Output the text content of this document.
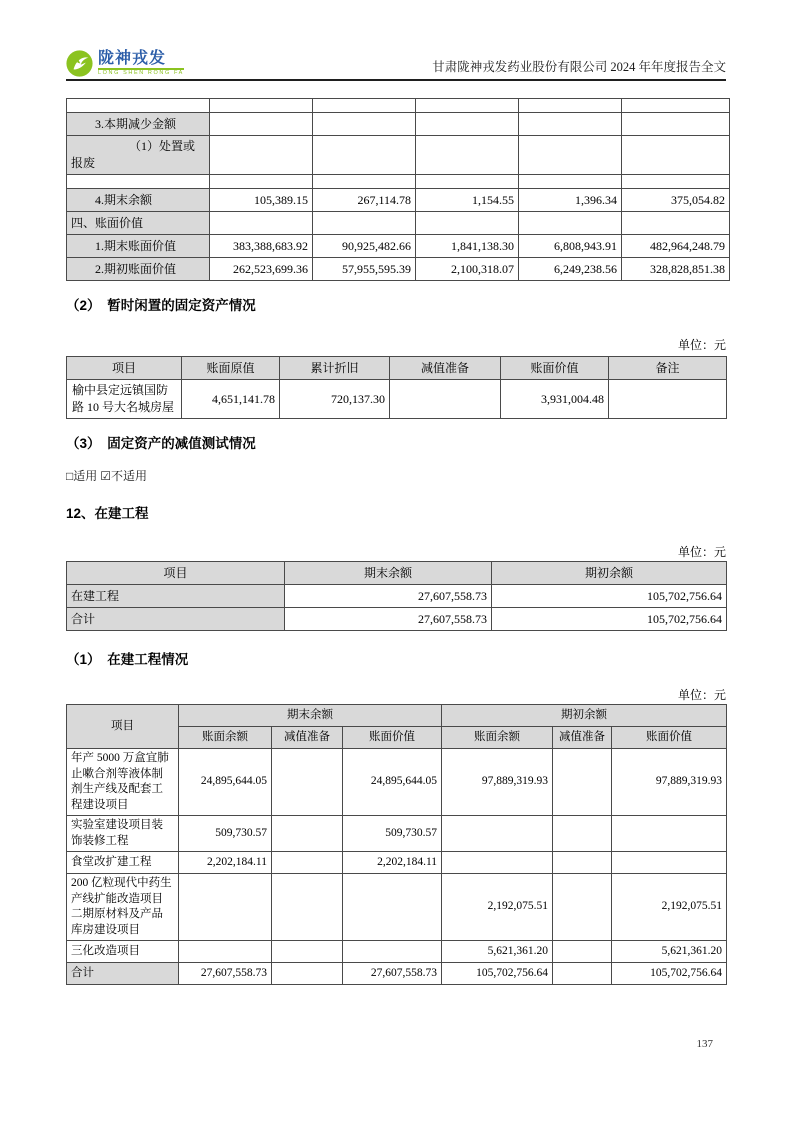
陇神戎发
LONG SHEN RONG FA	甘肃陇神戎发药业股份有限公司 2024 年年度报告全文

3.本期减少金额					
（1）处置或报废					

4.期末余额	105,389.15	267,114.78	1,154.55	1,396.34	375,054.82
四、账面价值					
1.期末账面价值	383,388,683.92	90,925,482.66	1,841,138.30	6,808,943.91	482,964,248.79
2.期初账面价值	262,523,699.36	57,955,595.39	2,100,318.07	6,249,238.56	328,828,851.38
（2）　暂时闲置的固定资产情况
单位：元
项目	账面原值	累计折旧	减值准备	账面价值	备注
榆中县定远镇国防路 10 号大名城房屋	4,651,141.78	720,137.30		3,931,004.48	
（3）　固定资产的减值测试情况
□适用 ☑不适用
12、在建工程
单位：元
项目	期末余额	期初余额
在建工程	27,607,558.73	105,702,756.64
合计	27,607,558.73	105,702,756.64
（1）　在建工程情况
单位：元
项目	期末余额			期初余额		
	账面余额	减值准备	账面价值	账面余额	减值准备	账面价值
年产 5000 万盒宜肺止嗽合剂等液体制剂生产线及配套工程建设项目	24,895,644.05		24,895,644.05	97,889,319.93		97,889,319.93
实验室建设项目装饰装修工程	509,730.57		509,730.57			
食堂改扩建工程	2,202,184.11		2,202,184.11			
200 亿粒现代中药生产线扩能改造项目二期原材料及产品库房建设项目				2,192,075.51		2,192,075.51
三化改造项目				5,621,361.20		5,621,361.20
合计	27,607,558.73		27,607,558.73	105,702,756.64		105,702,756.64
137
